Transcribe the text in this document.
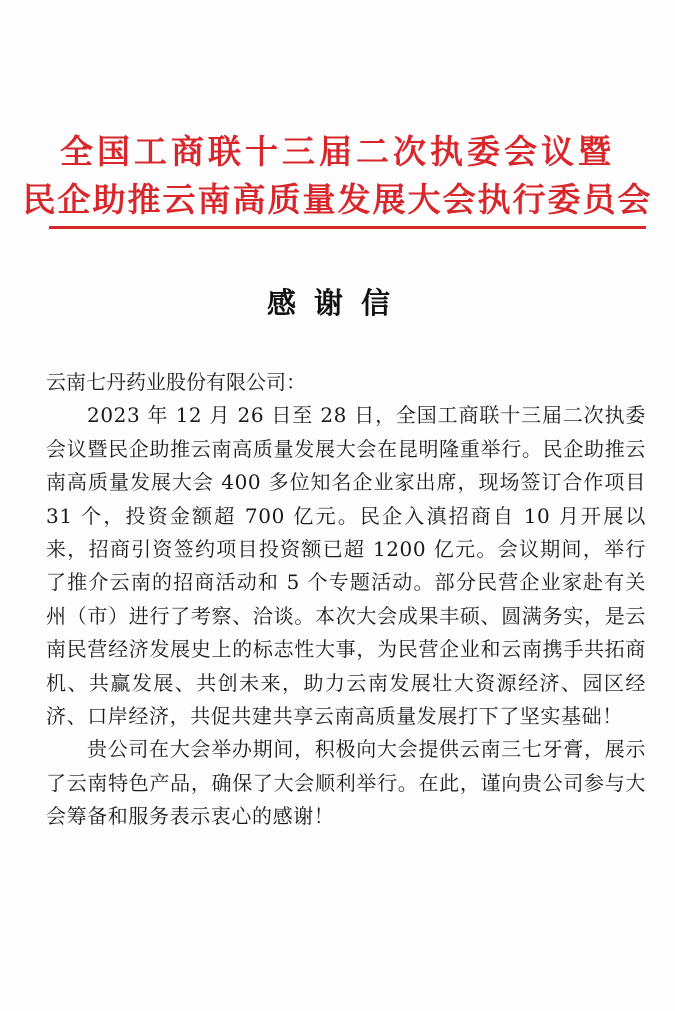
全国工商联十三届二次执委会议暨
民企助推云南高质量发展大会执行委员会
感谢信

云南七丹药业股份有限公司：

2023 年 12 月 26 日至 28 日，全国工商联十三届二次执委会议暨民企助推云南高质量发展大会在昆明隆重举行。民企助推云南高质量发展大会 400 多位知名企业家出席，现场签订合作项目 31 个，投资金额超 700 亿元。民企入滇招商自 10 月开展以来，招商引资签约项目投资额已超 1200 亿元。会议期间，举行了推介云南的招商活动和 5 个专题活动。部分民营企业家赴有关州（市）进行了考察、洽谈。本次大会成果丰硕、圆满务实，是云南民营经济发展史上的标志性大事，为民营企业和云南携手共拓商机、共赢发展、共创未来，助力云南发展壮大资源经济、园区经济、口岸经济，共促共建共享云南高质量发展打下了坚实基础！

贵公司在大会举办期间，积极向大会提供云南三七牙膏，展示了云南特色产品，确保了大会顺利举行。在此，谨向贵公司参与大会筹备和服务表示衷心的感谢！
